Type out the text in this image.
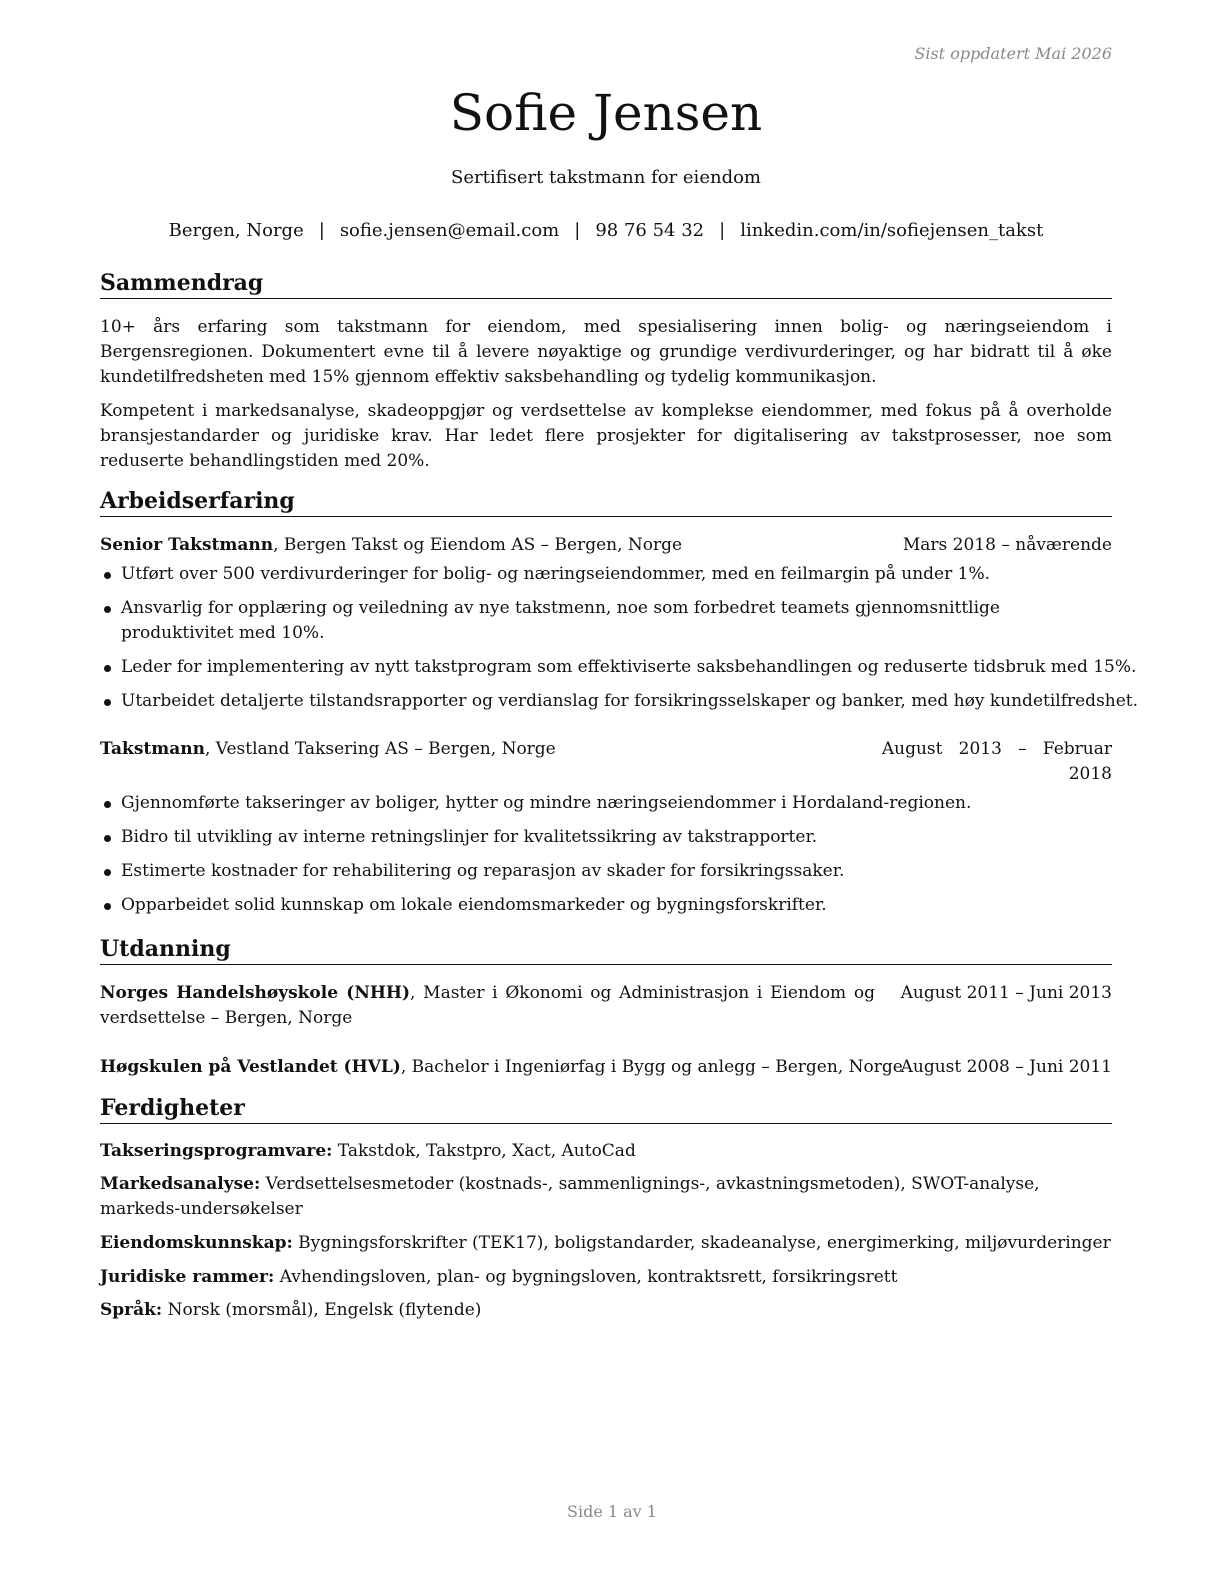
Sist oppdatert Mai 2026
Sofie Jensen
Sertifisert takstmann for eiendom
Bergen, Norge | sofie.jensen@email.com | 98 76 54 32 | linkedin.com/in/sofiejensen_takst
Sammendrag

10+ års erfaring som takstmann for eiendom, med spesialisering innen bolig- og næringseiendom i Bergensregionen. Dokumentert evne til å levere nøyaktige og grundige verdivurderinger, og har bidratt til å øke kundetilfredsheten med 15% gjennom effektiv saksbehandling og tydelig kommunikasjon.

Kompetent i markedsanalyse, skadeoppgjør og verdsettelse av komplekse eiendommer, med fokus på å overholde bransjestandarder og juridiske krav. Har ledet flere prosjekter for digitalisering av takstprosesser, noe som reduserte behandlingstiden med 20%.

Arbeidserfaring
Senior Takstmann, Bergen Takst og Eiendom AS – Bergen, Norge	Mars 2018 – nåværende
Utført over 500 verdivurderinger for bolig- og næringseiendommer, med en feilmargin på under 1%.
Ansvarlig for opplæring og veiledning av nye takstmenn, noe som forbedret teamets gjennomsnittlige produktivitet med 10%.
Leder for implementering av nytt takstprogram som effektiviserte saksbehandlingen og reduserte tidsbruk med 15%.
Utarbeidet detaljerte tilstandsrapporter og verdianslag for forsikringsselskaper og banker, med høy kundetilfredshet.
Takstmann, Vestland Taksering AS – Bergen, Norge	August   2013   –   Februar
2018
Gjennomførte takseringer av boliger, hytter og mindre næringseiendommer i Hordaland-regionen.
Bidro til utvikling av interne retningslinjer for kvalitetssikring av takstrapporter.
Estimerte kostnader for rehabilitering og reparasjon av skader for forsikringssaker.
Opparbeidet solid kunnskap om lokale eiendomsmarkeder og bygningsforskrifter.
Utdanning
Norges Handelshøyskole (NHH), Master i Økonomi og Administrasjon i Eiendom og verdsettelse – Bergen, Norge
August 2011 – Juni 2013
Høgskulen på Vestlandet (HVL), Bachelor i Ingeniørfag i Bygg og anlegg – Bergen, Norge
August 2008 – Juni 2011
Ferdigheter
Takseringsprogramvare: Takstdok, Takstpro, Xact, AutoCad
Markedsanalyse: Verdsettelsesmetoder (kostnads-, sammenlignings-, avkastningsmetoden), SWOT-analyse, markeds-undersøkelser
Eiendomskunnskap: Bygningsforskrifter (TEK17), boligstandarder, skadeanalyse, energimerking, miljøvurderinger
Juridiske rammer: Avhendingsloven, plan- og bygningsloven, kontraktsrett, forsikringsrett
Språk: Norsk (morsmål), Engelsk (flytende)
Side 1 av 1
